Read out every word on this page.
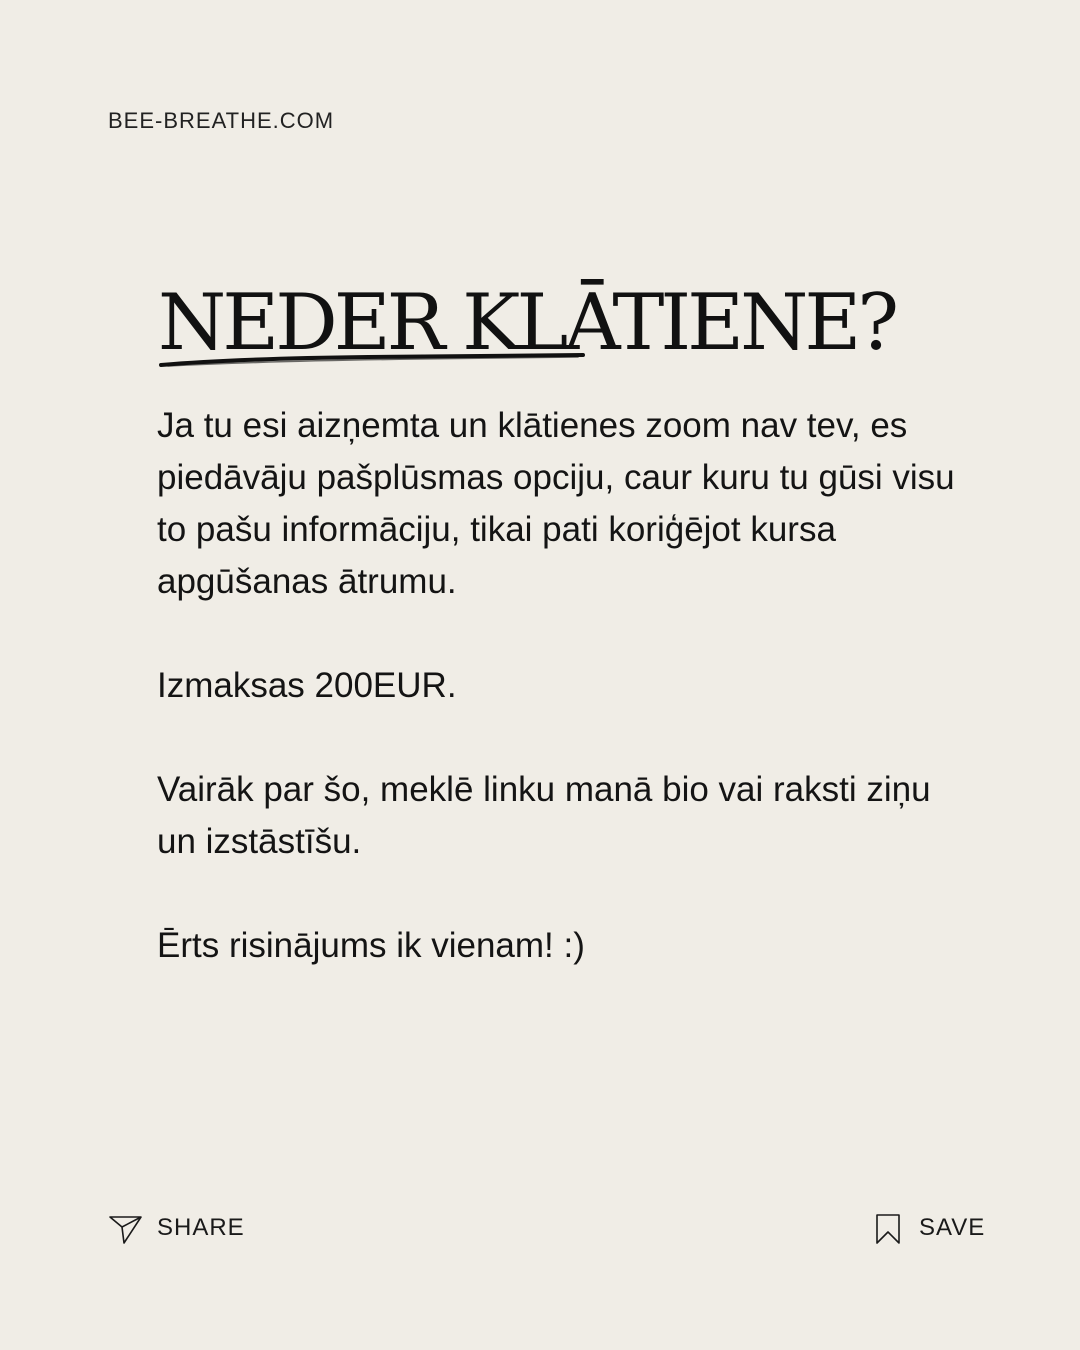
BEE-BREATHE.COM
NEDER KLĀTIENE?

Ja tu esi aizņemta un klātienes zoom nav tev, es piedāvāju pašplūsmas opciju, caur kuru tu gūsi visu to pašu informāciju, tikai pati koriģējot kursa apgūšanas ātrumu.

Izmaksas 200EUR.

Vairāk par šo, meklē linku manā bio vai raksti ziņu un izstāstīšu.

Ērts risinājums ik vienam! :)

SHARE	SAVE
